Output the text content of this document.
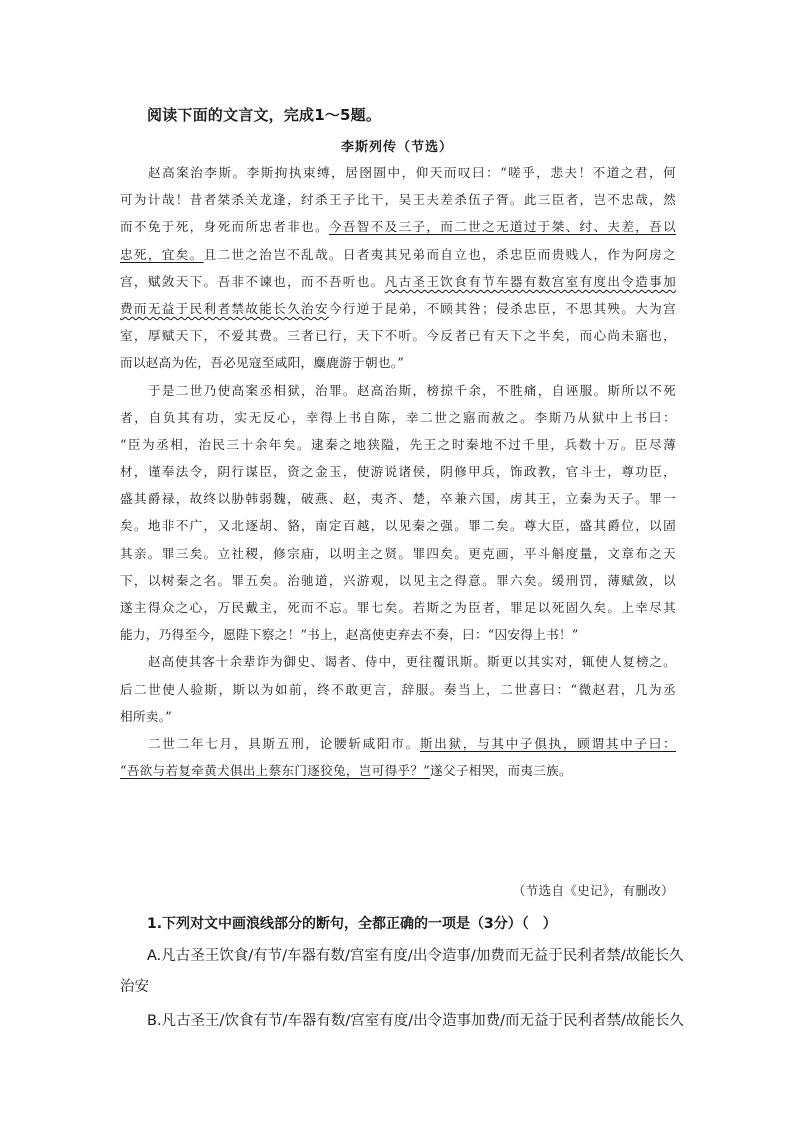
阅读下面的文言文，完成1～5题。
李斯列传（节选）
赵高案治李斯。李斯拘执束缚，居囹圄中，仰天而叹曰：“嗟乎，悲夫！不道之君，何
可为计哉！昔者桀杀关龙逢，纣杀王子比干，吴王夫差杀伍子胥。此三臣者，岂不忠哉，然
而不免于死，身死而所忠者非也。今吾智不及三子，而二世之无道过于桀、纣、夫差，吾以
忠死，宜矣。且二世之治岂不乱哉。日者夷其兄弟而自立也，杀忠臣而贵贱人，作为阿房之
宫，赋敛天下。吾非不谏也，而不吾听也。凡古圣王饮食有节车器有数宫室有度出令造事加
费而无益于民利者禁故能长久治安今行逆于昆弟，不顾其咎；侵杀忠臣，不思其殃。大为宫
室，厚赋天下，不爱其费。三者已行，天下不听。今反者已有天下之半矣，而心尚未寤也，
而以赵高为佐，吾必见寇至咸阳，麋鹿游于朝也。”
于是二世乃使高案丞相狱，治罪。赵高治斯，榜掠千余，不胜痛，自诬服。斯所以不死
者，自负其有功，实无反心，幸得上书自陈，幸二世之寤而赦之。李斯乃从狱中上书曰：
“臣为丞相，治民三十余年矣。逮秦之地狭隘，先王之时秦地不过千里，兵数十万。臣尽薄
材，谨奉法令，阴行谋臣，资之金玉，使游说诸侯，阴修甲兵，饰政教，官斗士，尊功臣，
盛其爵禄，故终以胁韩弱魏，破燕、赵，夷齐、楚，卒兼六国，虏其王，立秦为天子。罪一
矣。地非不广，又北逐胡、貉，南定百越，以见秦之强。罪二矣。尊大臣，盛其爵位，以固
其亲。罪三矣。立社稷，修宗庙，以明主之贤。罪四矣。更克画，平斗斛度量，文章布之天
下，以树秦之名。罪五矣。治驰道，兴游观，以见主之得意。罪六矣。缓刑罚，薄赋敛，以
遂主得众之心，万民戴主，死而不忘。罪七矣。若斯之为臣者，罪足以死固久矣。上幸尽其
能力，乃得至今，愿陛下察之！”书上，赵高使吏弃去不奏，曰：“囚安得上书！”
赵高使其客十余辈诈为御史、谒者、侍中，更往覆讯斯。斯更以其实对，辄使人复榜之。
后二世使人验斯，斯以为如前，终不敢更言，辞服。奏当上，二世喜曰：“微赵君，几为丞
相所卖。”
二世二年七月，具斯五刑，论腰斩咸阳市。斯出狱，与其中子俱执，顾谓其中子曰：
“吾欲与若复牵黄犬俱出上蔡东门逐狡兔，岂可得乎？”遂父子相哭，而夷三族。
（节选自《史记》，有删改）
1.下列对文中画浪线部分的断句，全都正确的一项是（3分）（　）
A.凡古圣王饮食/有节/车器有数/宫室有度/出令造事/加费而无益于民利者禁/故能长久
治安
B.凡古圣王/饮食有节/车器有数/宫室有度/出令造事加费/而无益于民利者禁/故能长久
